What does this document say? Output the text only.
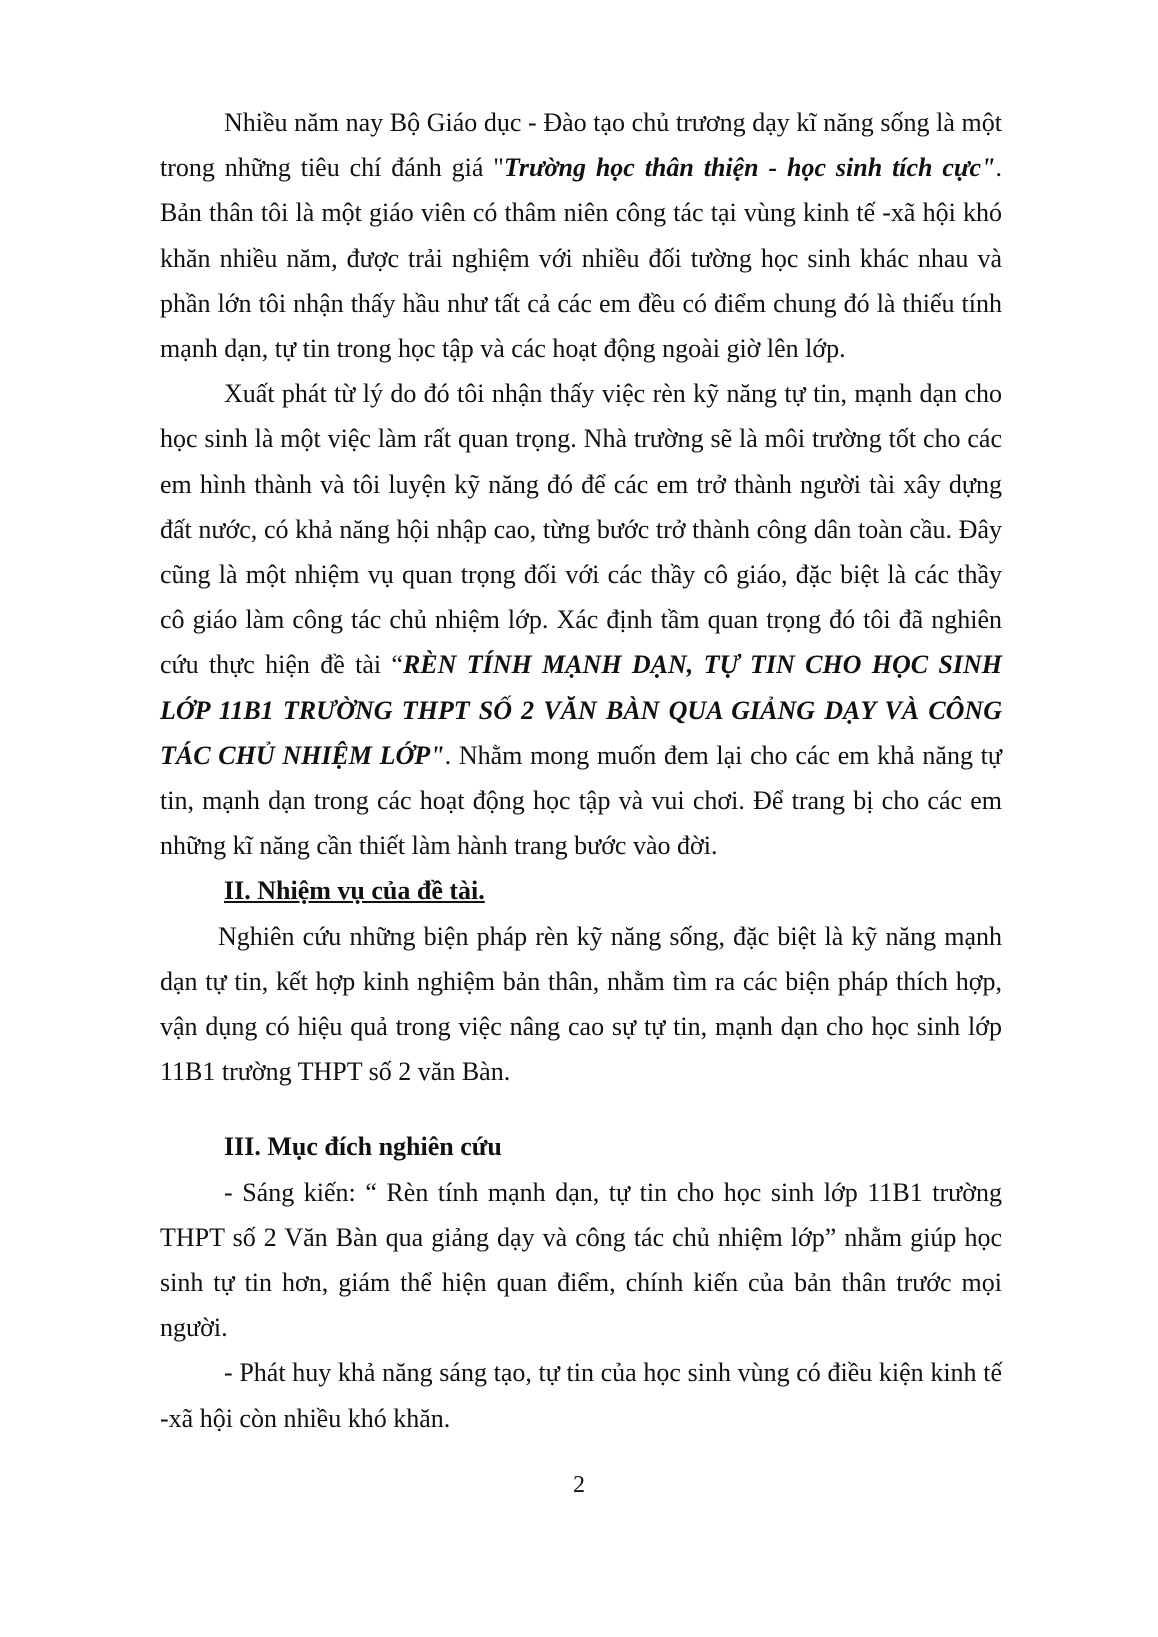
Nhiều năm nay Bộ Giáo dục - Đào tạo chủ trương dạy kĩ năng sống là một trong những tiêu chí đánh giá "Trường học thân thiện - học sinh tích cực". Bản thân tôi là một giáo viên có thâm niên công tác tại vùng kinh tế -xã hội khó khăn nhiều năm, được trải nghiệm với nhiều đối tường học sinh khác nhau và phần lớn tôi nhận thấy hầu như tất cả các em đều có điểm chung đó là thiếu tính mạnh dạn, tự tin trong học tập và các hoạt động ngoài giờ lên lớp.

Xuất phát từ lý do đó tôi nhận thấy việc rèn kỹ năng tự tin, mạnh dạn cho học sinh là một việc làm rất quan trọng. Nhà trường sẽ là môi trường tốt cho các em hình thành và tôi luyện kỹ năng đó để các em trở thành người tài xây dựng đất nước, có khả năng hội nhập cao, từng bước trở thành công dân toàn cầu. Đây cũng là một nhiệm vụ quan trọng đối với các thầy cô giáo, đặc biệt là các thầy cô giáo làm công tác chủ nhiệm lớp. Xác định tầm quan trọng đó tôi đã nghiên cứu thực hiện đề tài “RÈN TÍNH MẠNH DẠN, TỰ TIN CHO HỌC SINH LỚP 11B1 TRƯỜNG THPT SỐ 2 VĂN BÀN QUA GIẢNG DẠY VÀ CÔNG TÁC CHỦ NHIỆM LỚP". Nhằm mong muốn đem lại cho các em khả năng tự tin, mạnh dạn trong các hoạt động học tập và vui chơi. Để trang bị cho các em những kĩ năng cần thiết làm hành trang bước vào đời.

II. Nhiệm vụ của đề tài.

Nghiên cứu những biện pháp rèn kỹ năng sống, đặc biệt là kỹ năng mạnh dạn tự tin, kết hợp kinh nghiệm bản thân, nhằm tìm ra các biện pháp thích hợp, vận dụng có hiệu quả trong việc nâng cao sự tự tin, mạnh dạn cho học sinh lớp 11B1 trường THPT số 2 văn Bàn.

III. Mục đích nghiên cứu

- Sáng kiến: “ Rèn tính mạnh dạn, tự tin cho học sinh lớp 11B1 trường THPT số 2 Văn Bàn qua giảng dạy và công tác chủ nhiệm lớp” nhằm giúp học sinh tự tin hơn, giám thể hiện quan điểm, chính kiến của bản thân trước mọi người.

- Phát huy khả năng sáng tạo, tự tin của học sinh vùng có điều kiện kinh tế -xã hội còn nhiều khó khăn.

2
